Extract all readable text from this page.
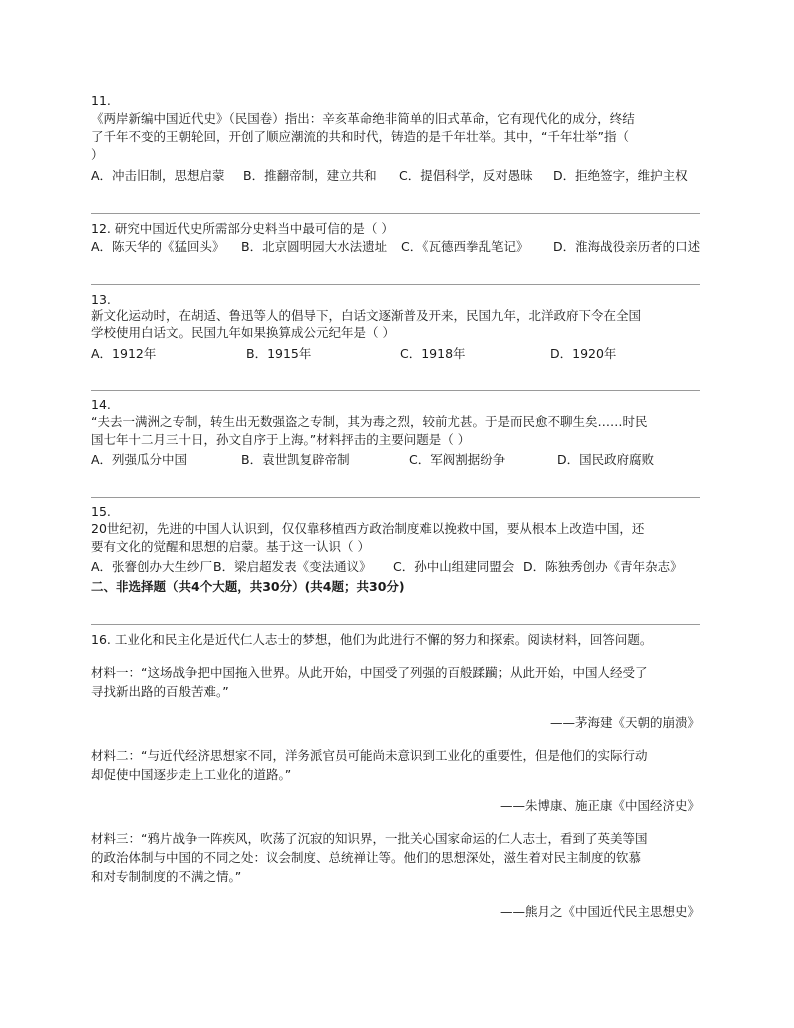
11.
《两岸新编中国近代史》（民国卷）指出：辛亥革命绝非简单的旧式革命，它有现代化的成分，终结
了千年不变的王朝轮回，开创了顺应潮流的共和时代，铸造的是千年壮举。其中，“千年壮举”指（
）
A．冲击旧制，思想启蒙 B．推翻帝制，建立共和 C．提倡科学，反对愚昧 D．拒绝签字，维护主权
12. 研究中国近代史所需部分史料当中最可信的是（ ）
A．陈天华的《猛回头》 B．北京圆明园大水法遗址 C．《瓦德西拳乱笔记》 D．淮海战役亲历者的口述
13.
新文化运动时，在胡适、鲁迅等人的倡导下，白话文逐渐普及开来，民国九年，北洋政府下令在全国
学校使用白话文。民国九年如果换算成公元纪年是（ ）
A．1912年	B．1915年	C．1918年	D．1920年
14.
“夫去一满洲之专制，转生出无数强盗之专制，其为毒之烈，较前尤甚。于是而民愈不聊生矣……时民
国七年十二月三十日，孙文自序于上海。”材料抨击的主要问题是（ ）
A．列强瓜分中国	B．袁世凯复辟帝制	C．军阀割据纷争	D．国民政府腐败
15.
20世纪初，先进的中国人认识到，仅仅靠移植西方政治制度难以挽救中国，要从根本上改造中国，还
要有文化的觉醒和思想的启蒙。基于这一认识（ ）
A．张謇创办大生纱厂 B．梁启超发表《变法通议》 C．孙中山组建同盟会 D．陈独秀创办《青年杂志》
二、非选择题（共4个大题，共30分）(共4题；共30分)
16. 工业化和民主化是近代仁人志士的梦想，他们为此进行不懈的努力和探索。阅读材料，回答问题。
材料一：“这场战争把中国拖入世界。从此开始，中国受了列强的百般蹂躏；从此开始，中国人经受了
寻找新出路的百般苦难。”
——茅海建《天朝的崩溃》
材料二：“与近代经济思想家不同，洋务派官员可能尚未意识到工业化的重要性，但是他们的实际行动
却促使中国逐步走上工业化的道路。”
——朱博康、施正康《中国经济史》
材料三：“鸦片战争一阵疾风，吹荡了沉寂的知识界，一批关心国家命运的仁人志士，看到了英美等国
的政治体制与中国的不同之处：议会制度、总统禅让等。他们的思想深处，滋生着对民主制度的钦慕
和对专制制度的不满之情。”
——熊月之《中国近代民主思想史》
